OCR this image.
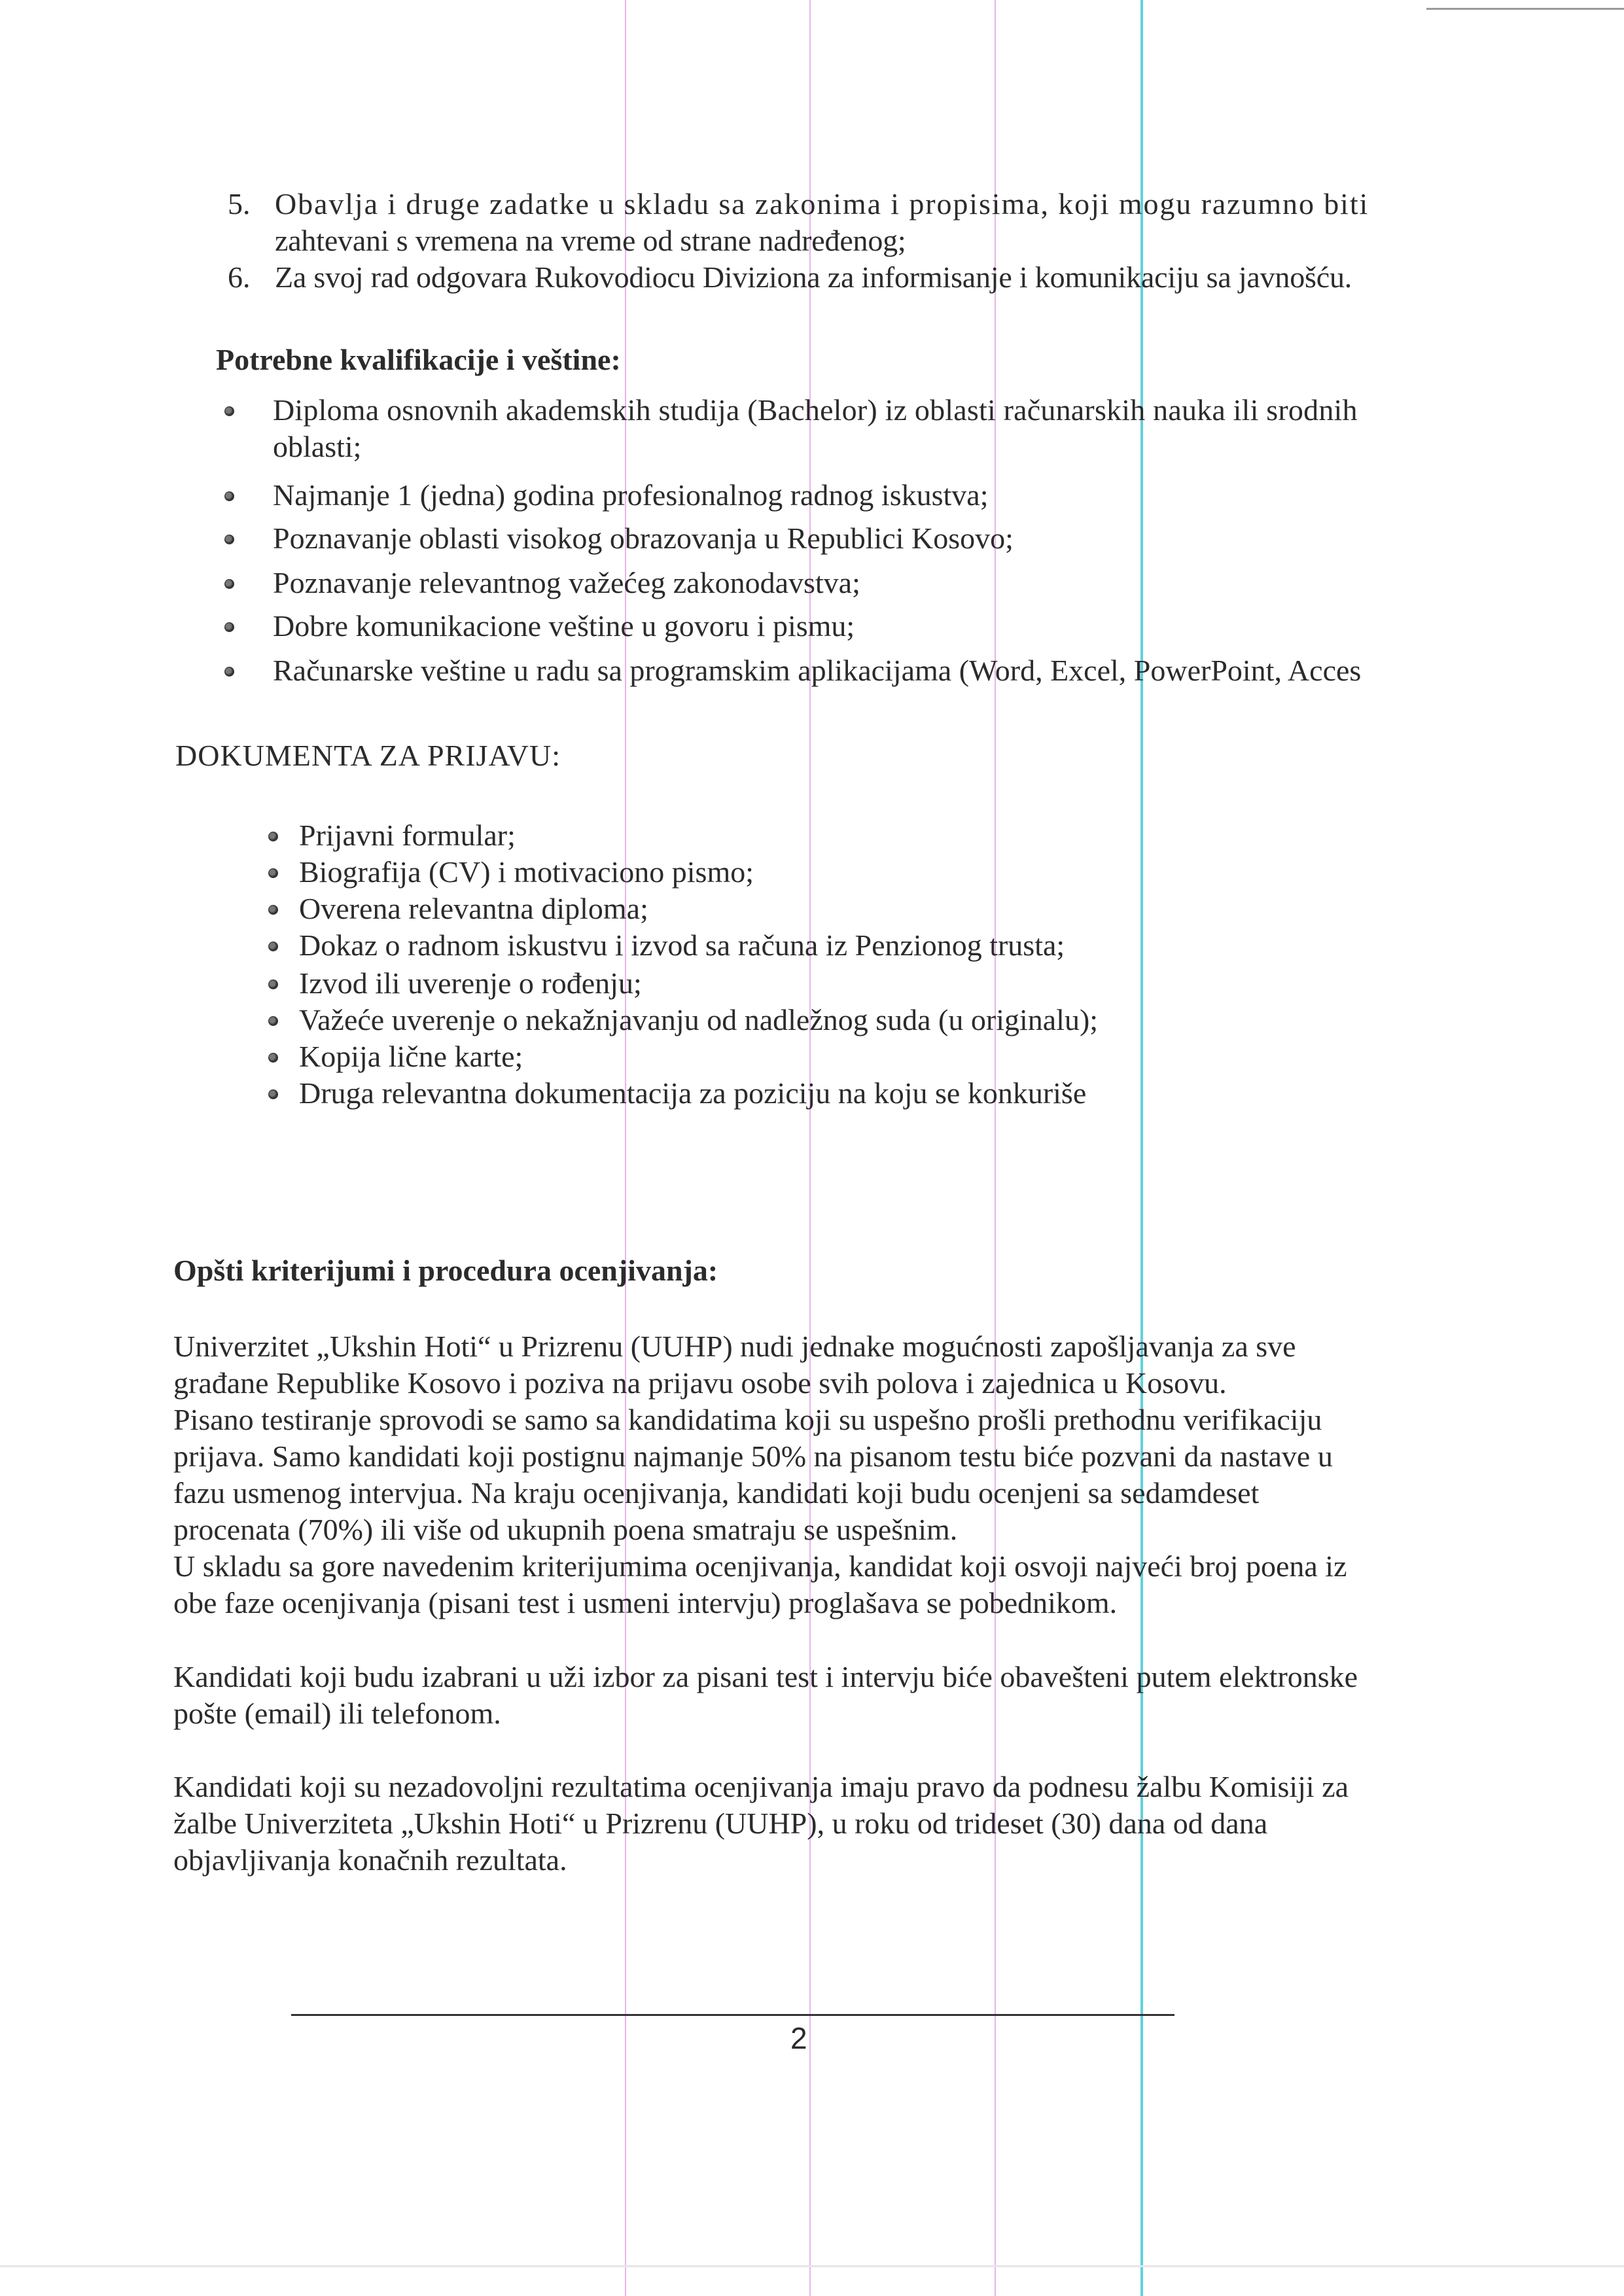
5. Obavlja i druge zadatke u skladu sa zakonima i propisima, koji mogu razumno biti
zahtevani s vremena na vreme od strane nadređenog;
6. Za svoj rad odgovara Rukovodiocu Diviziona za informisanje i komunikaciju sa javnošću.
Potrebne kvalifikacije i veštine:
Diploma osnovnih akademskih studija (Bachelor) iz oblasti računarskih nauka ili srodnih
oblasti;
Najmanje 1 (jedna) godina profesionalnog radnog iskustva;
Poznavanje oblasti visokog obrazovanja u Republici Kosovo;
Poznavanje relevantnog važećeg zakonodavstva;
Dobre komunikacione veštine u govoru i pismu;
Računarske veštine u radu sa programskim aplikacijama (Word, Excel, PowerPoint, Acces
DOKUMENTA ZA PRIJAVU:
Prijavni formular;
Biografija (CV) i motivaciono pismo;
Overena relevantna diploma;
Dokaz o radnom iskustvu i izvod sa računa iz Penzionog trusta;
Izvod ili uverenje o rođenju;
Važeće uverenje o nekažnjavanju od nadležnog suda (u originalu);
Kopija lične karte;
Druga relevantna dokumentacija za poziciju na koju se konkuriše
Opšti kriterijumi i procedura ocenjivanja:
Univerzitet „Ukshin Hoti“ u Prizrenu (UUHP) nudi jednake mogućnosti zapošljavanja za sve
građane Republike Kosovo i poziva na prijavu osobe svih polova i zajednica u Kosovu.
Pisano testiranje sprovodi se samo sa kandidatima koji su uspešno prošli prethodnu verifikaciju
prijava. Samo kandidati koji postignu najmanje 50% na pisanom testu biće pozvani da nastave u
fazu usmenog intervjua. Na kraju ocenjivanja, kandidati koji budu ocenjeni sa sedamdeset
procenata (70%) ili više od ukupnih poena smatraju se uspešnim.
U skladu sa gore navedenim kriterijumima ocenjivanja, kandidat koji osvoji najveći broj poena iz
obe faze ocenjivanja (pisani test i usmeni intervju) proglašava se pobednikom.
Kandidati koji budu izabrani u uži izbor za pisani test i intervju biće obavešteni putem elektronske
pošte (email) ili telefonom.
Kandidati koji su nezadovoljni rezultatima ocenjivanja imaju pravo da podnesu žalbu Komisiji za
žalbe Univerziteta „Ukshin Hoti“ u Prizrenu (UUHP), u roku od trideset (30) dana od dana
objavljivanja konačnih rezultata.
2
